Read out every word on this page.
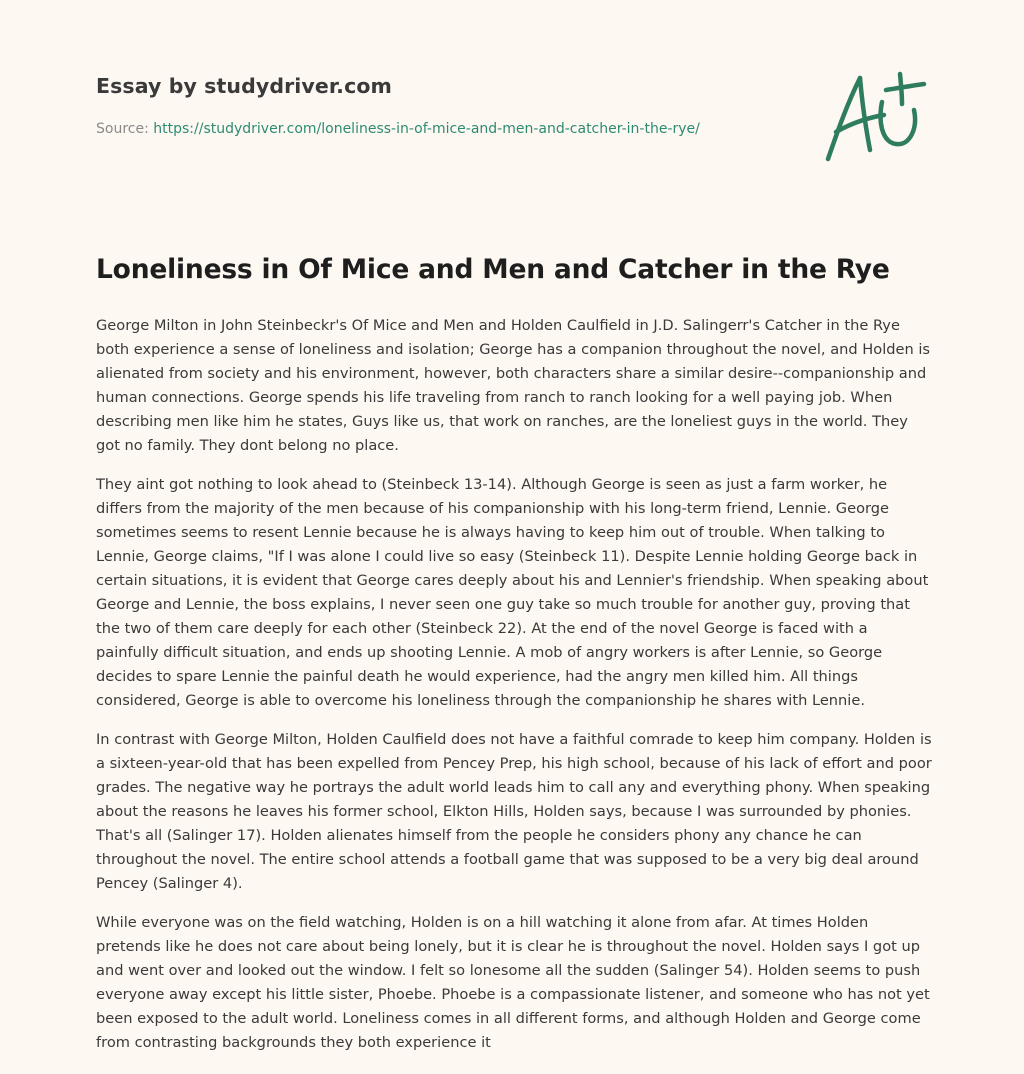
Essay by studydriver.com
Source: https://studydriver.com/loneliness-in-of-mice-and-men-and-catcher-in-the-rye/
Loneliness in Of Mice and Men and Catcher in the Rye

George Milton in John Steinbeckr's Of Mice and Men and Holden Caulfield in J.D. Salingerr's Catcher in the Rye both experience a sense of loneliness and isolation; George has a companion throughout the novel, and Holden is alienated from society and his environment, however, both characters share a similar desire--companionship and human connections. George spends his life traveling from ranch to ranch looking for a well paying job. When describing men like him he states, Guys like us, that work on ranches, are the loneliest guys in the world. They got no family. They dont belong no place.

They aint got nothing to look ahead to (Steinbeck 13-14). Although George is seen as just a farm worker, he differs from the majority of the men because of his companionship with his long-term friend, Lennie. George sometimes seems to resent Lennie because he is always having to keep him out of trouble. When talking to Lennie, George claims, "If I was alone I could live so easy (Steinbeck 11). Despite Lennie holding George back in certain situations, it is evident that George cares deeply about his and Lennier's friendship. When speaking about George and Lennie, the boss explains, I never seen one guy take so much trouble for another guy, proving that the two of them care deeply for each other (Steinbeck 22). At the end of the novel George is faced with a painfully difficult situation, and ends up shooting Lennie. A mob of angry workers is after Lennie, so George decides to spare Lennie the painful death he would experience, had the angry men killed him. All things considered, George is able to overcome his loneliness through the companionship he shares with Lennie.

In contrast with George Milton, Holden Caulfield does not have a faithful comrade to keep him company. Holden is a sixteen-year-old that has been expelled from Pencey Prep, his high school, because of his lack of effort and poor grades. The negative way he portrays the adult world leads him to call any and everything phony. When speaking about the reasons he leaves his former school, Elkton Hills, Holden says, because I was surrounded by phonies. That's all (Salinger 17). Holden alienates himself from the people he considers phony any chance he can throughout the novel. The entire school attends a football game that was supposed to be a very big deal around Pencey (Salinger 4).

While everyone was on the field watching, Holden is on a hill watching it alone from afar. At times Holden pretends like he does not care about being lonely, but it is clear he is throughout the novel. Holden says I got up and went over and looked out the window. I felt so lonesome all the sudden (Salinger 54). Holden seems to push everyone away except his little sister, Phoebe. Phoebe is a compassionate listener, and someone who has not yet been exposed to the adult world. Loneliness comes in all different forms, and although Holden and George come from contrasting backgrounds they both experience it
